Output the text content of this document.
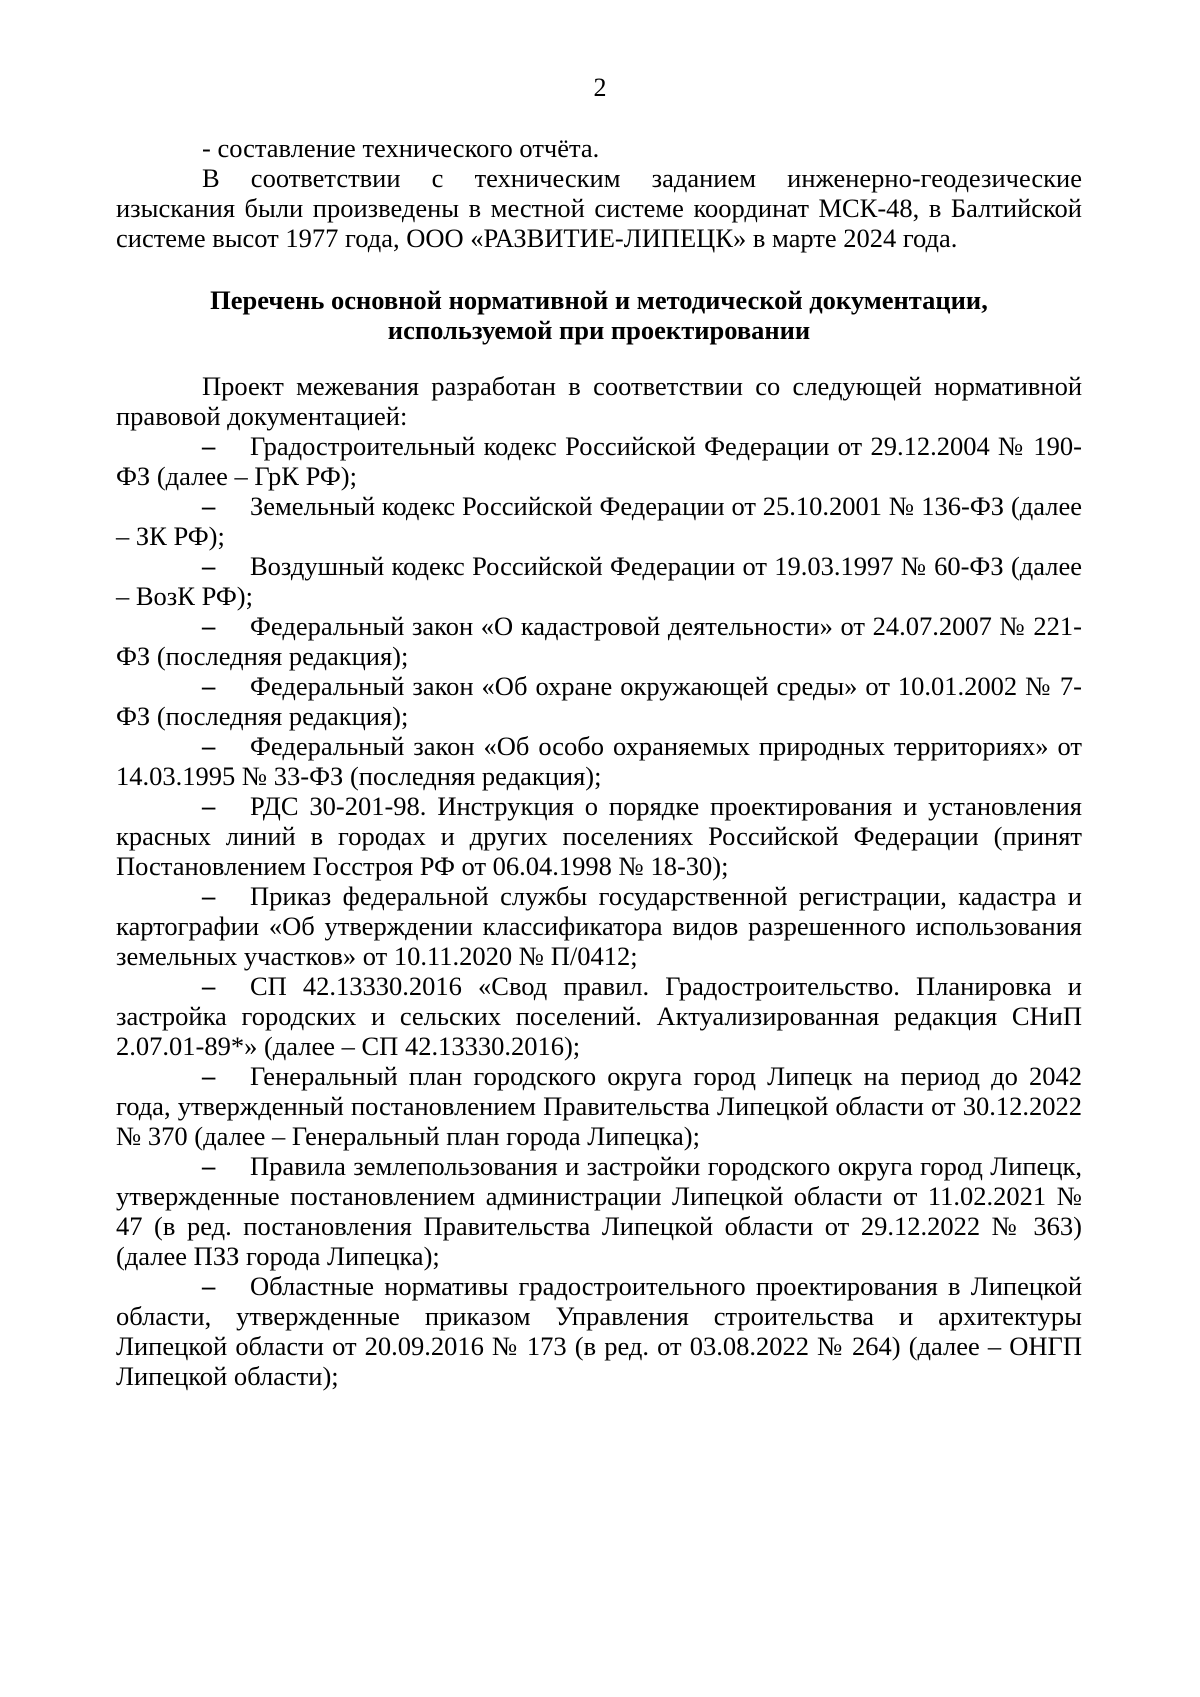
2

- составление технического отчёта.

В соответствии с техническим заданием инженерно-геодезические изыскания были произведены в местной системе координат МСК-48, в Балтийской системе высот 1977 года, ООО «РАЗВИТИЕ-ЛИПЕЦК» в марте 2024 года.

Перечень основной нормативной и методической документации,
используемой при проектировании

Проект межевания разработан в соответствии со следующей нормативной правовой документацией:

– Градостроительный кодекс Российской Федерации от 29.12.2004 № 190-ФЗ (далее – ГрК РФ);

– Земельный кодекс Российской Федерации от 25.10.2001 № 136-ФЗ (далее – ЗК РФ);

– Воздушный кодекс Российской Федерации от 19.03.1997 № 60-ФЗ (далее – ВозК РФ);

– Федеральный закон «О кадастровой деятельности» от 24.07.2007 № 221-ФЗ (последняя редакция);

– Федеральный закон «Об охране окружающей среды» от 10.01.2002 № 7-ФЗ (последняя редакция);

– Федеральный закон «Об особо охраняемых природных территориях» от 14.03.1995 № 33-ФЗ (последняя редакция);

– РДС 30-201-98. Инструкция о порядке проектирования и установления красных линий в городах и других поселениях Российской Федерации (принят Постановлением Госстроя РФ от 06.04.1998 № 18-30);

– Приказ федеральной службы государственной регистрации, кадастра и картографии «Об утверждении классификатора видов разрешенного использования земельных участков» от 10.11.2020 № П/0412;

– СП 42.13330.2016 «Свод правил. Градостроительство. Планировка и застройка городских и сельских поселений. Актуализированная редакция СНиП 2.07.01-89*» (далее – СП 42.13330.2016);

– Генеральный план городского округа город Липецк на период до 2042 года, утвержденный постановлением Правительства Липецкой области от 30.12.2022 № 370 (далее – Генеральный план города Липецка);

– Правила землепользования и застройки городского округа город Липецк, утвержденные постановлением администрации Липецкой области от 11.02.2021 № 47 (в ред. постановления Правительства Липецкой области от 29.12.2022 № 363) (далее ПЗЗ города Липецка);

– Областные нормативы градостроительного проектирования в Липецкой области, утвержденные приказом Управления строительства и архитектуры Липецкой области от 20.09.2016 № 173 (в ред. от 03.08.2022 № 264) (далее – ОНГП Липецкой области);
